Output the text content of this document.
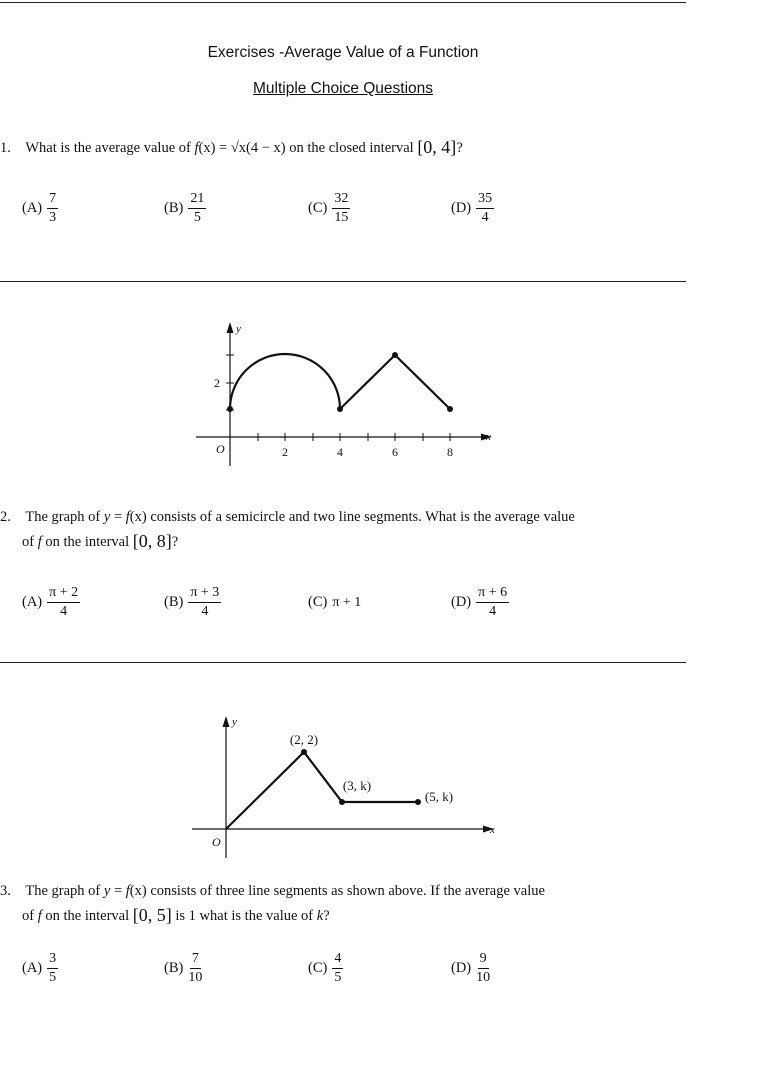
Exercises -Average Value of a Function
Multiple Choice Questions
1. What is the average value of f(x) = √x(4 − x) on the closed interval [0, 4]?
$(A) \frac{7}{3}$	$(B) \frac{21}{5}$	$(C) \frac{32}{15}$	$(D) \frac{35}{4}$
y
x
O	2	4	6	8
2
2. The graph of y = f(x) consists of a semicircle and two line segments. What is the average value
of f on the interval [0, 8]?
$(A) \frac{\pi + 2}{4}$	$(B) \frac{\pi + 3}{4}$	(C) π + 1	$(D) \frac{\pi + 6}{4}$
y
x
O
(2, 2)
(3, k)
(5, k)
3. The graph of y = f(x) consists of three line segments as shown above. If the average value
of f on the interval [0, 5] is 1 what is the value of k?
$(A) \frac{3}{5}$	$(B) \frac{7}{10}$	$(C) \frac{4}{5}$	$(D) \frac{9}{10}$
